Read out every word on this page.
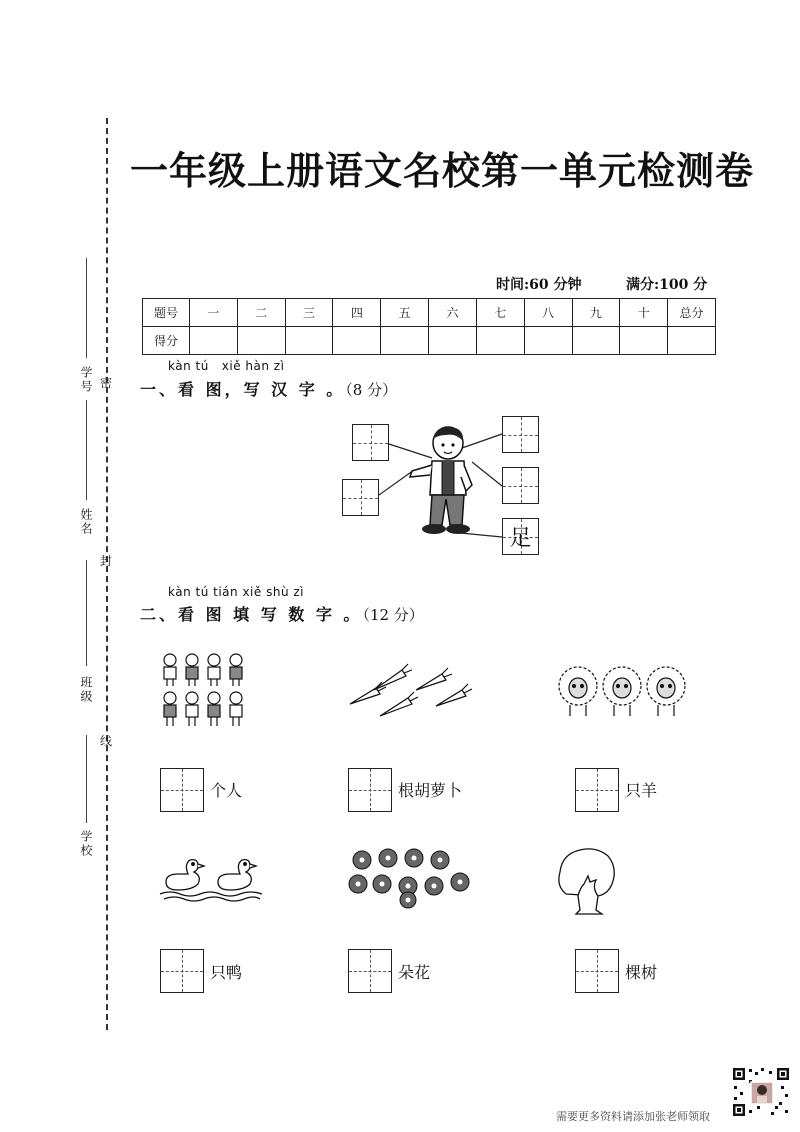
学号
姓名
班级
学校
密
封
线
一年级上册语文名校第一单元检测卷
时间:60 分钟	满分:100 分
题号	一	二	三	四	五	六	七	八	九	十	总分
得分											
kàn tú   xiě hàn zì
一、看 图，写 汉 字 。（8 分）
足
kàn tú tián xiě shù zì
二、看 图 填 写 数 字 。（12 分）
个人	根胡萝卜	只羊
只鸭	朵花	棵树
需要更多资料请添加张老师领取
